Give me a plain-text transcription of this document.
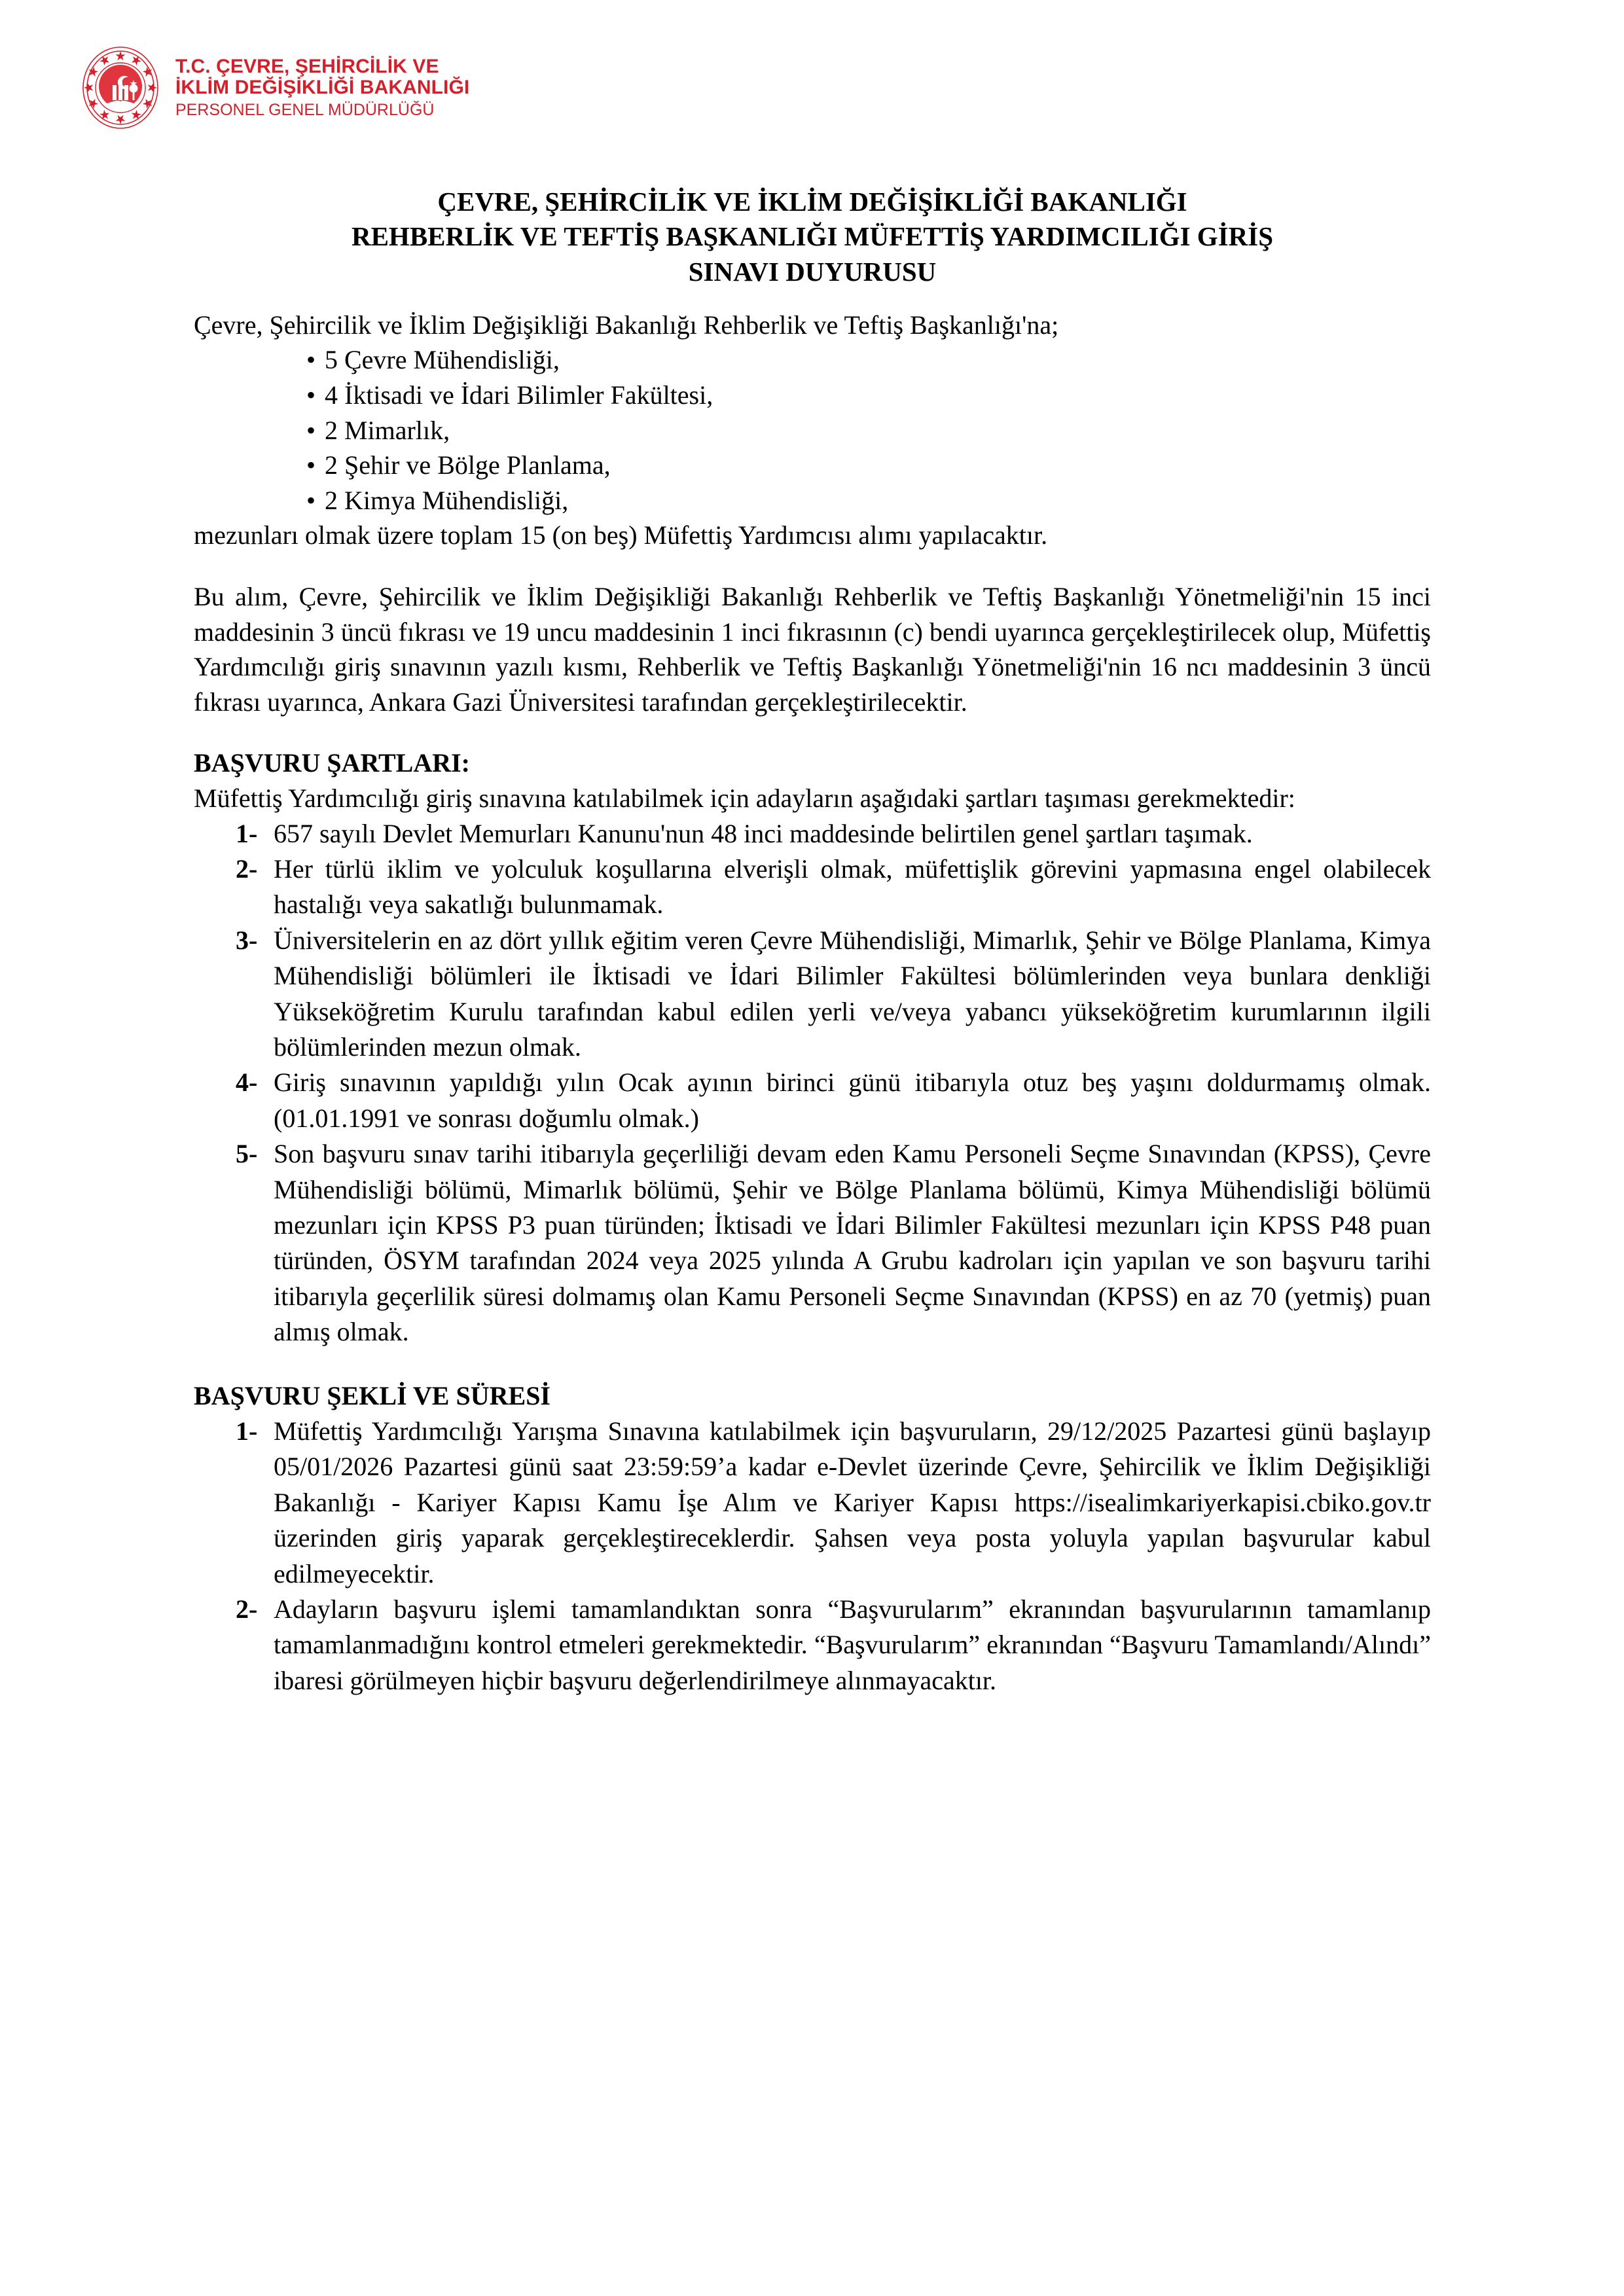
T.C. ÇEVRE, ŞEHİRCİLİK VE
İKLİM DEĞİŞİKLİĞİ BAKANLIĞI
PERSONEL GENEL MÜDÜRLÜĞÜ
ÇEVRE, ŞEHİRCİLİK VE İKLİM DEĞİŞİKLİĞİ BAKANLIĞI
REHBERLİK VE TEFTİŞ BAŞKANLIĞI MÜFETTİŞ YARDIMCILIĞI GİRİŞ
SINAVI DUYURUSU

Çevre, Şehircilik ve İklim Değişikliği Bakanlığı Rehberlik ve Teftiş Başkanlığı'na;

• 5 Çevre Mühendisliği,
• 4 İktisadi ve İdari Bilimler Fakültesi,
• 2 Mimarlık,
• 2 Şehir ve Bölge Planlama,
• 2 Kimya Mühendisliği,

mezunları olmak üzere toplam 15 (on beş) Müfettiş Yardımcısı alımı yapılacaktır.

Bu alım, Çevre, Şehircilik ve İklim Değişikliği Bakanlığı Rehberlik ve Teftiş Başkanlığı Yönetmeliği'nin 15 inci maddesinin 3 üncü fıkrası ve 19 uncu maddesinin 1 inci fıkrasının (c) bendi uyarınca gerçekleştirilecek olup, Müfettiş Yardımcılığı giriş sınavının yazılı kısmı, Rehberlik ve Teftiş Başkanlığı Yönetmeliği'nin 16 ncı maddesinin 3 üncü fıkrası uyarınca, Ankara Gazi Üniversitesi tarafından gerçekleştirilecektir.

BAŞVURU ŞARTLARI:

Müfettiş Yardımcılığı giriş sınavına katılabilmek için adayların aşağıdaki şartları taşıması gerekmektedir:

1- 657 sayılı Devlet Memurları Kanunu'nun 48 inci maddesinde belirtilen genel şartları taşımak.
2- Her türlü iklim ve yolculuk koşullarına elverişli olmak, müfettişlik görevini yapmasına engel olabilecek hastalığı veya sakatlığı bulunmamak.
3- Üniversitelerin en az dört yıllık eğitim veren Çevre Mühendisliği, Mimarlık, Şehir ve Bölge Planlama, Kimya Mühendisliği bölümleri ile İktisadi ve İdari Bilimler Fakültesi bölümlerinden veya bunlara denkliği Yükseköğretim Kurulu tarafından kabul edilen yerli ve/veya yabancı yükseköğretim kurumlarının ilgili bölümlerinden mezun olmak.
4- Giriş sınavının yapıldığı yılın Ocak ayının birinci günü itibarıyla otuz beş yaşını doldurmamış olmak. (01.01.1991 ve sonrası doğumlu olmak.)
5- Son başvuru sınav tarihi itibarıyla geçerliliği devam eden Kamu Personeli Seçme Sınavından (KPSS), Çevre Mühendisliği bölümü, Mimarlık bölümü, Şehir ve Bölge Planlama bölümü, Kimya Mühendisliği bölümü mezunları için KPSS P3 puan türünden; İktisadi ve İdari Bilimler Fakültesi mezunları için KPSS P48 puan türünden, ÖSYM tarafından 2024 veya 2025 yılında A Grubu kadroları için yapılan ve son başvuru tarihi itibarıyla geçerlilik süresi dolmamış olan Kamu Personeli Seçme Sınavından (KPSS) en az 70 (yetmiş) puan almış olmak.
BAŞVURU ŞEKLİ VE SÜRESİ
1- Müfettiş Yardımcılığı Yarışma Sınavına katılabilmek için başvuruların, 29/12/2025 Pazartesi günü başlayıp 05/01/2026 Pazartesi günü saat 23:59:59’a kadar e-Devlet üzerinde Çevre, Şehircilik ve İklim Değişikliği Bakanlığı - Kariyer Kapısı Kamu İşe Alım ve Kariyer Kapısı https://isealimkariyerkapisi.cbiko.gov.tr üzerinden giriş yaparak gerçekleştireceklerdir. Şahsen veya posta yoluyla yapılan başvurular kabul edilmeyecektir.
2- Adayların başvuru işlemi tamamlandıktan sonra “Başvurularım” ekranından başvurularının tamamlanıp tamamlanmadığını kontrol etmeleri gerekmektedir. “Başvurularım” ekranından “Başvuru Tamamlandı/Alındı” ibaresi görülmeyen hiçbir başvuru değerlendirilmeye alınmayacaktır.
